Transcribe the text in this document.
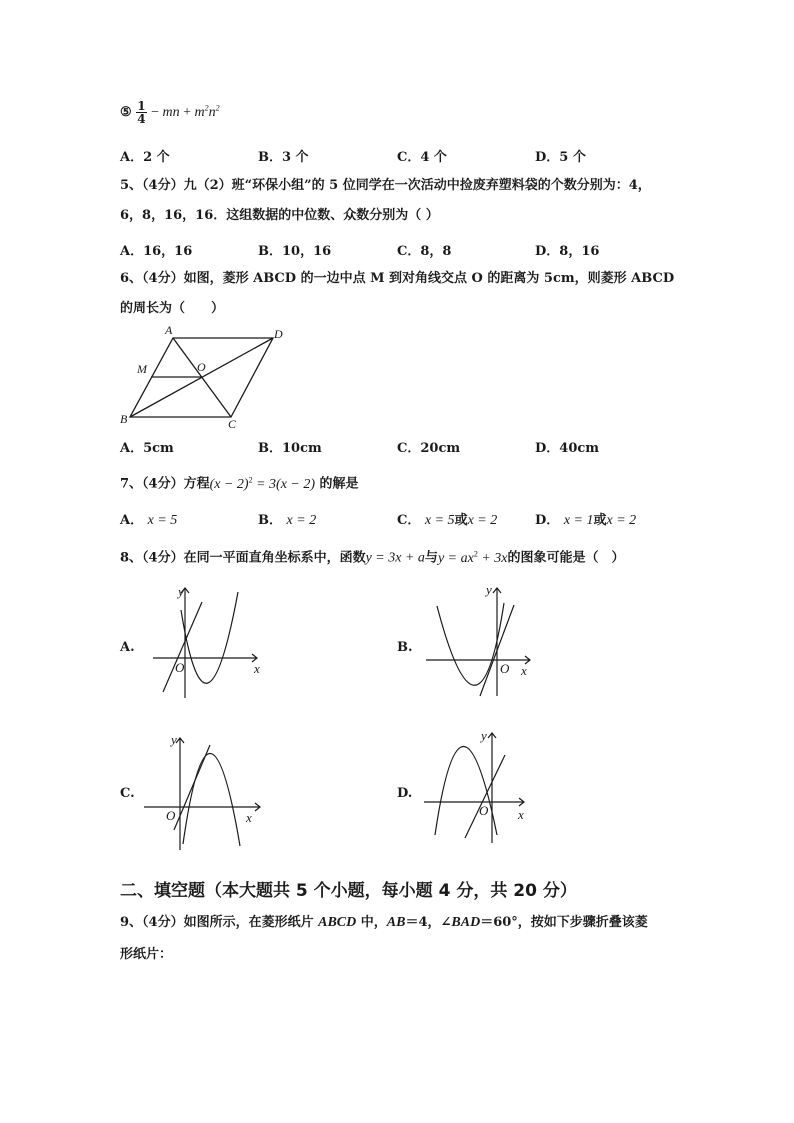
⑤ $\frac{1}{4}$ − mn + $m^2n^2$
A．2 个	B．3 个	C．4 个	D．5 个
5、（4分）九（2）班“环保小组”的 5 位同学在一次活动中捡废弃塑料袋的个数分别为：4，
6，8，16，16．这组数据的中位数、众数分别为（ ）
A．16，16	B．10，16	C．8，8	D．8，16
6、（4分）如图，菱形 ABCD 的一边中点 M 到对角线交点 O 的距离为 5cm，则菱形 ABCD
的周长为（　　）
A	D
M	O
B	C
A．5cm	B．10cm	C．20cm	D．40cm
7、（4分）方程$(x - 2)^2 = 3(x - 2)$ 的解是
A． x = 5	B． x = 2	C． x = 5或x = 2	D． x = 1或x = 2
8、（4分）在同一平面直角坐标系中，函数y = 3x + a与$y = ax^2 + 3x$的图象可能是（　）
A.
y
x
O
B.
y
x
O
C.
y
x
O
D.
y
x
O
二、填空题（本大题共 5 个小题，每小题 4 分，共 20 分）
9、（4分）如图所示，在菱形纸片 ABCD 中，AB＝4，∠BAD＝60°，按如下步骤折叠该菱
形纸片：
